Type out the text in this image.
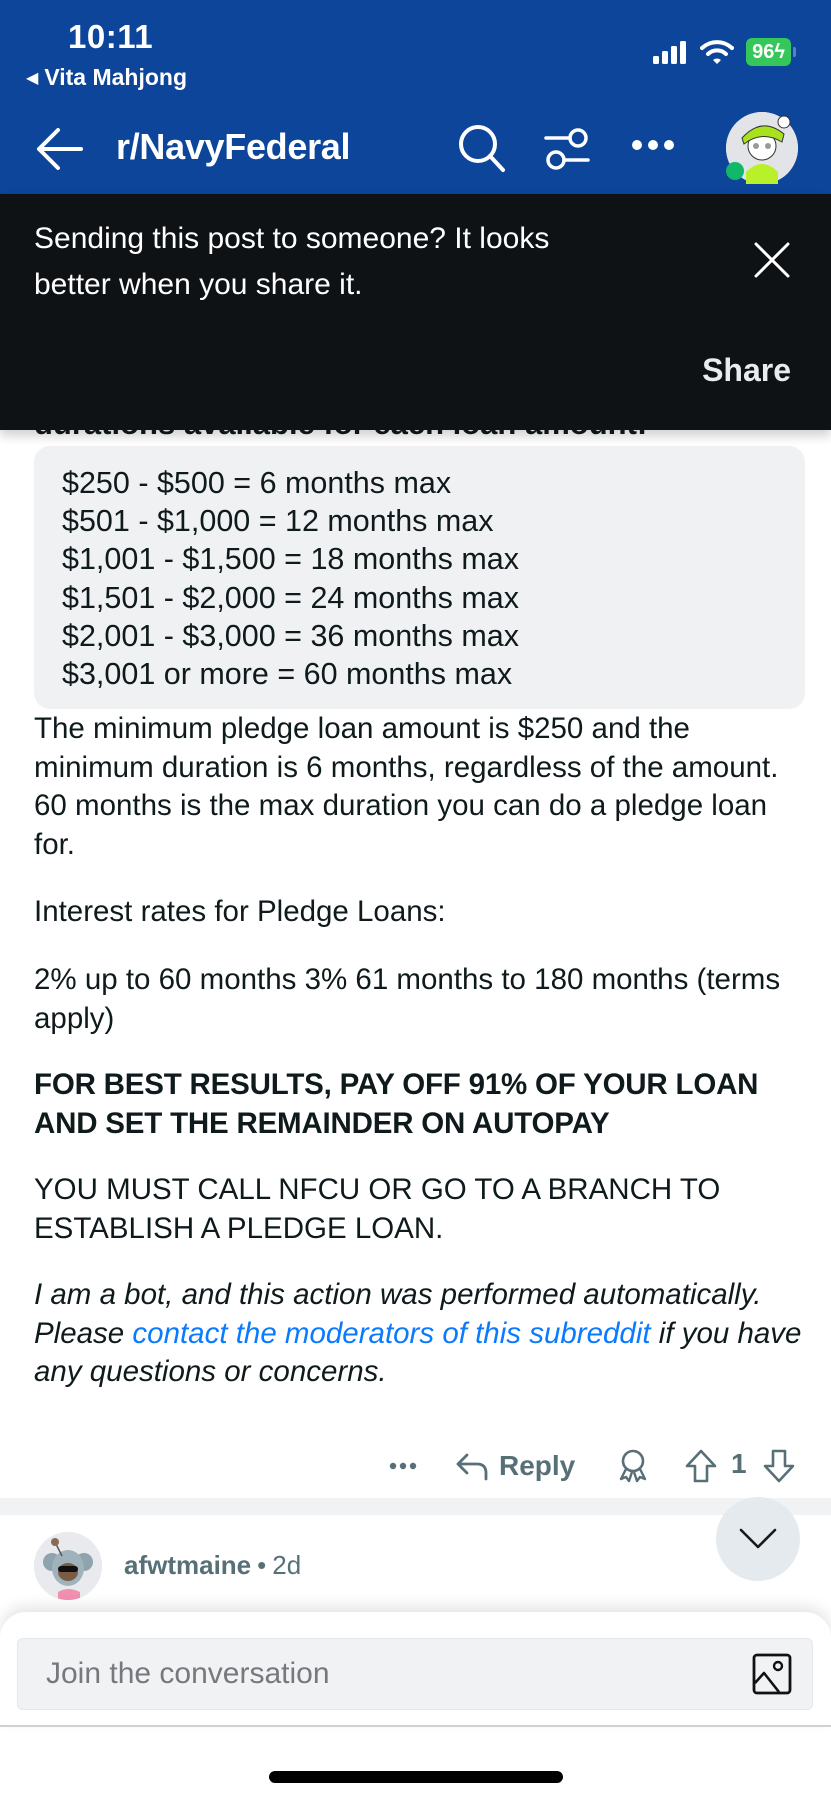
10:11
◀ Vita Mahjong
96ϟ
r/NavyFederal
Sending this post to someone? It looks better when you share it.
Share
$250 - $500 = 6 months max
$501 - $1,000 = 12 months max
$1,001 - $1,500 = 18 months max
$1,501 - $2,000 = 24 months max
$2,001 - $3,000 = 36 months max
$3,001 or more = 60 months max

The minimum pledge loan amount is $250 and the minimum duration is 6 months, regardless of the amount. 60 months is the max duration you can do a pledge loan for.

Interest rates for Pledge Loans:

2% up to 60 months 3% 61 months to 180 months (terms apply)

FOR BEST RESULTS, PAY OFF 91% OF YOUR LOAN AND SET THE REMAINDER ON AUTOPAY

YOU MUST CALL NFCU OR GO TO A BRANCH TO ESTABLISH A PLEDGE LOAN.

I am a bot, and this action was performed automatically. Please contact the moderators of this subreddit if you have any questions or concerns.

Reply	1
afwtmaine • 2d
Join the conversation
